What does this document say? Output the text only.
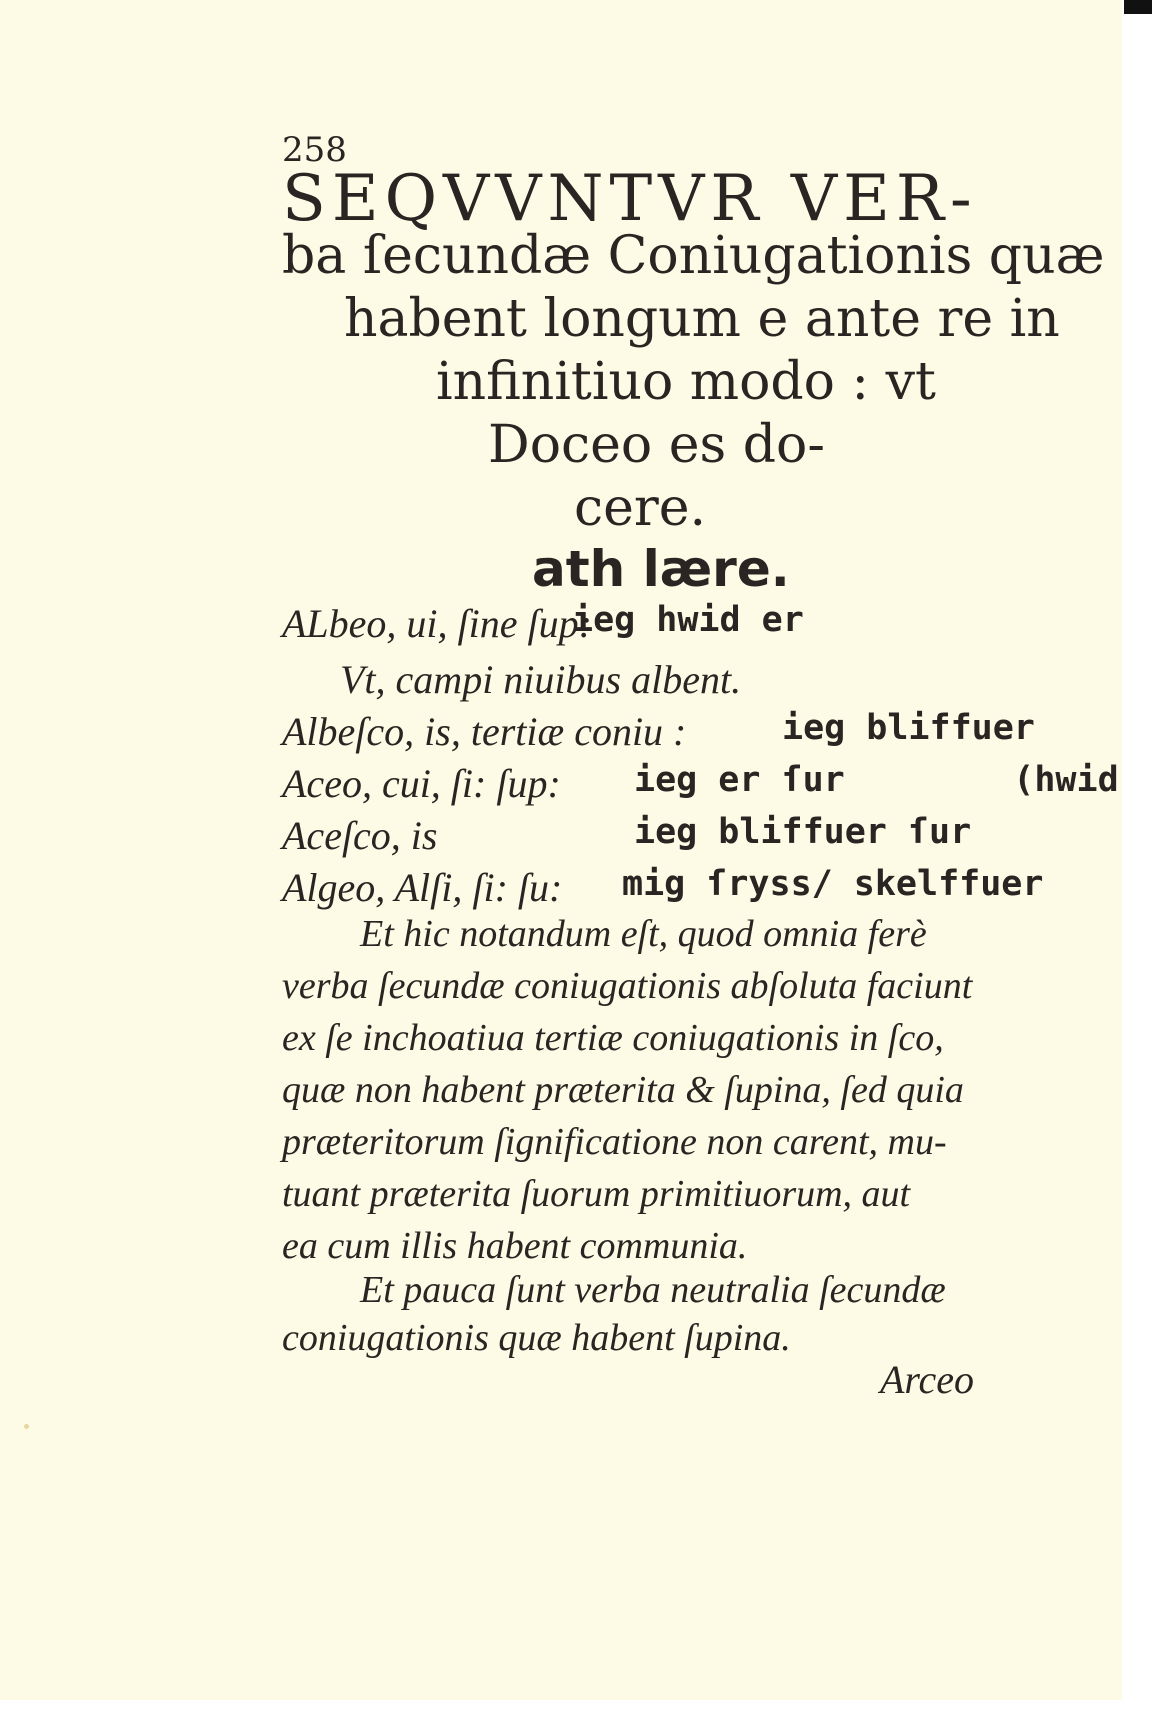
258
SEQVVNTVR VER-
ba ſecundæ Coniugationis quæ
habent longum e ante re in
infinitiuo modo : vt
Doceo es do-
cere.
ath lære.
ALbeo, ui, ſine ſup:
ieg hwid er
Vt, campi niuibus albent.
Albeſco, is, tertiæ coniu :	ieg bliffuer
Aceo, cui, ſi: ſup: ieg er ſur        (hwid
Aceſco, is	ieg bliffuer ſur
Algeo, Alſi, ſi: ſu: mig ſryss/ skelffuer
Et hic notandum eſt, quod omnia ferè
verba ſecundæ coniugationis abſoluta faciunt
ex ſe inchoatiua tertiæ coniugationis in ſco,
quæ non habent præterita & ſupina, ſed quia
præteritorum ſignificatione non carent, mu-
tuant præterita ſuorum primitiuorum, aut
ea cum illis habent communia.
Et pauca ſunt verba neutralia ſecundæ
coniugationis quæ habent ſupina.
Arceo
